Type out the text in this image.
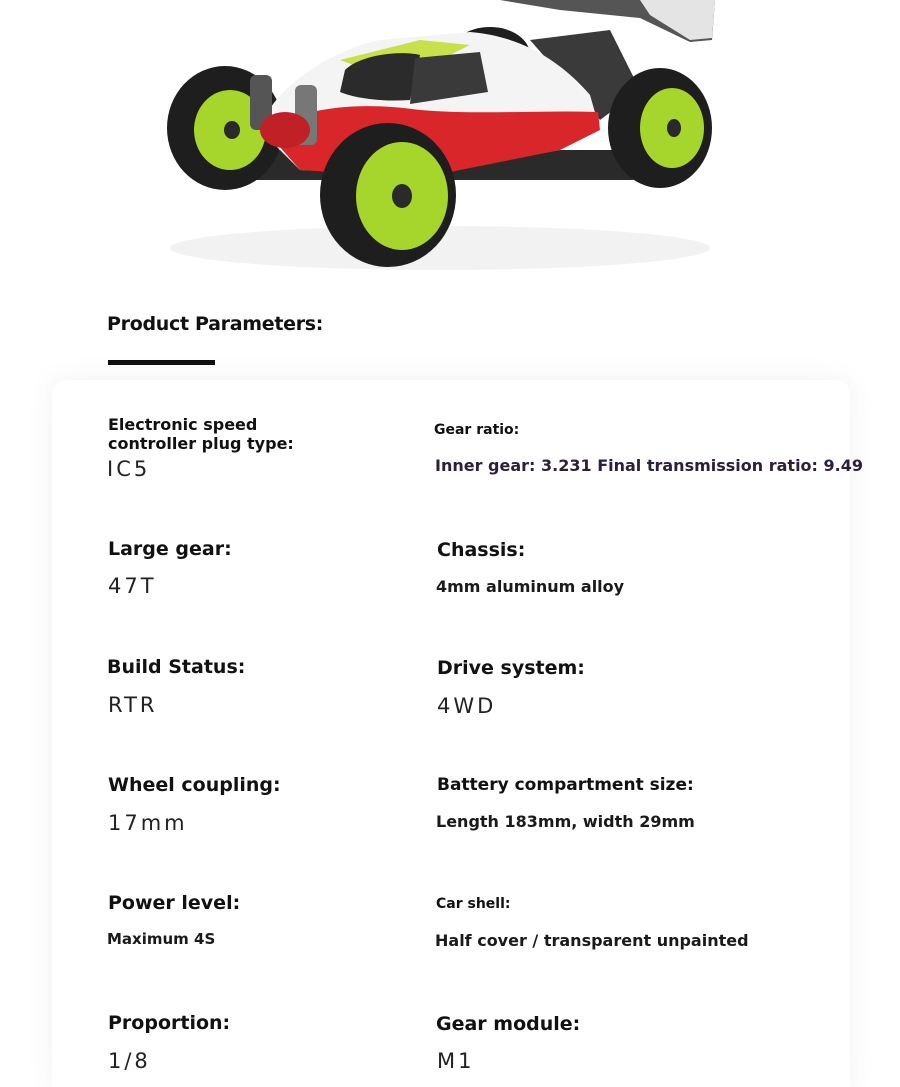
Product Parameters:
Electronic speed controller plug type:
IC5
Gear ratio:
Inner gear: 3.231 Final transmission ratio: 9.49
Large gear:
47T
Chassis:
4mm aluminum alloy
Build Status:
RTR
Drive system:
4WD
Wheel coupling:
17mm
Battery compartment size:
Length 183mm, width 29mm
Power level:
Maximum 4S
Car shell:
Half cover / transparent unpainted
Proportion:
1/8
Gear module:
M1
